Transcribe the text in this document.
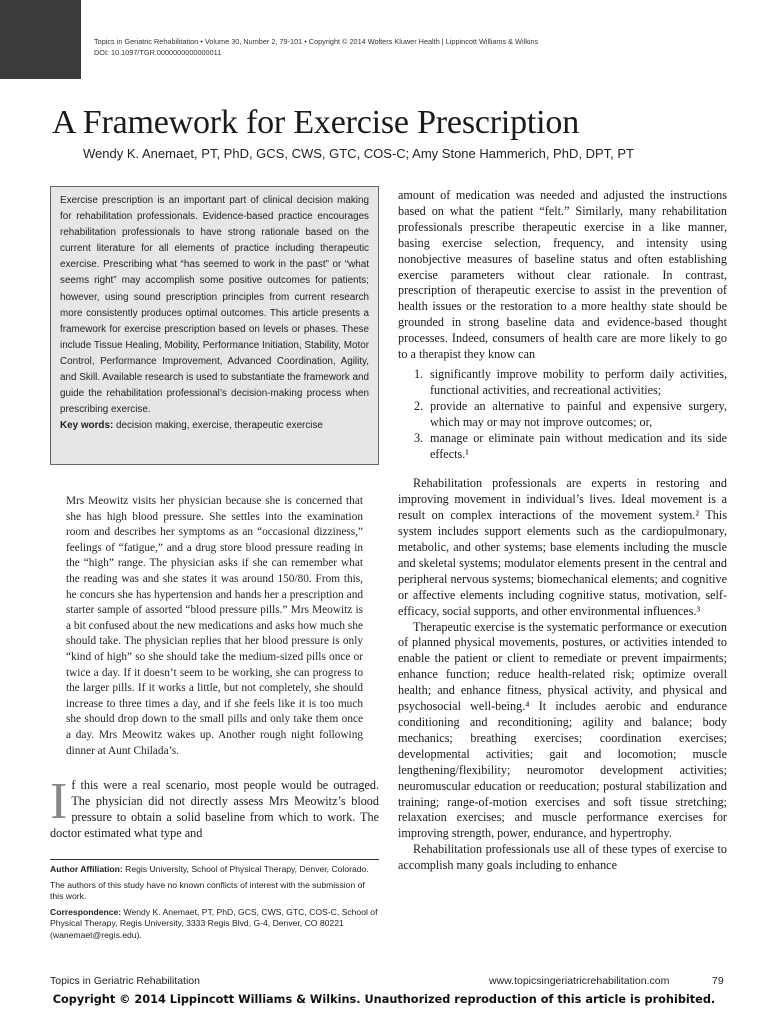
Topics in Geriatric Rehabilitation • Volume 30, Number 2, 79-101 • Copyright © 2014 Wolters Kluwer Health | Lippincott Williams & Wilkins
DOI: 10.1097/TGR.0000000000000011
A Framework for Exercise Prescription
Wendy K. Anemaet, PT, PhD, GCS, CWS, GTC, COS-C; Amy Stone Hammerich, PhD, DPT, PT

Exercise prescription is an important part of clinical decision making for rehabilitation professionals. Evidence-based practice encourages rehabilitation professionals to have strong rationale based on the current literature for all elements of practice including therapeutic exercise. Prescribing what “has seemed to work in the past” or “what seems right” may accomplish some positive outcomes for patients; however, using sound prescription principles from current research more consistently produces optimal outcomes. This article presents a framework for exercise prescription based on levels or phases. These include Tissue Healing, Mobility, Performance Initiation, Stability, Motor Control, Performance Improvement, Advanced Coordination, Agility, and Skill. Available research is used to substantiate the framework and guide the rehabilitation professional’s decision-making process when prescribing exercise.

Key words: decision making, exercise, therapeutic exercise

Mrs Meowitz visits her physician because she is concerned that she has high blood pressure. She settles into the examination room and describes her symptoms as an “occasional dizziness,” feelings of “fatigue,” and a drug store blood pressure reading in the “high” range. The physician asks if she can remember what the reading was and she states it was around 150/80. From this, he concurs she has hypertension and hands her a prescription and starter sample of assorted “blood pressure pills.” Mrs Meowitz is a bit confused about the new medications and asks how much she should take. The physician replies that her blood pressure is only “kind of high” so she should take the medium-sized pills once or twice a day. If it doesn’t seem to be working, she can progress to the larger pills. If it works a little, but not completely, she should increase to three times a day, and if she feels like it is too much she should drop down to the small pills and only take them once a day. Mrs Meowitz wakes up. Another rough night following dinner at Aunt Chilada’s.

I f this were a real scenario, most people would be outraged. The physician did not directly assess Mrs Meowitz’s blood pressure to obtain a solid baseline from which to work. The doctor estimated what type and

Author Affiliation: Regis University, School of Physical Therapy, Denver, Colorado.

The authors of this study have no known conflicts of interest with the submission of this work.

Correspondence: Wendy K. Anemaet, PT, PhD, GCS, CWS, GTC, COS-C, School of Physical Therapy, Regis University, 3333 Regis Blvd, G-4, Denver, CO 80221 (wanemaet@regis.edu).

amount of medication was needed and adjusted the instructions based on what the patient “felt.” Similarly, many rehabilitation professionals prescribe therapeutic exercise in a like manner, basing exercise selection, frequency, and intensity using nonobjective measures of baseline status and often establishing exercise parameters without clear rationale. In contrast, prescription of therapeutic exercise to assist in the prevention of health issues or the restoration to a more healthy state should be grounded in strong baseline data and evidence-based thought processes. Indeed, consumers of health care are more likely to go to a therapist they know can

1. significantly improve mobility to perform daily activities, functional activities, and recreational activities;
2. provide an alternative to painful and expensive surgery, which may or may not improve outcomes; or,
3. manage or eliminate pain without medication and its side effects.¹

Rehabilitation professionals are experts in restoring and improving movement in individual’s lives. Ideal movement is a result on complex interactions of the movement system.² This system includes support elements such as the cardiopulmonary, metabolic, and other systems; base elements including the muscle and skeletal systems; modulator elements present in the central and peripheral nervous systems; biomechanical elements; and cognitive or affective elements including cognitive status, motivation, self-efficacy, social supports, and other environmental influences.³

Therapeutic exercise is the systematic performance or execution of planned physical movements, postures, or activities intended to enable the patient or client to remediate or prevent impairments; enhance function; reduce health-related risk; optimize overall health; and enhance fitness, physical activity, and physical and psychosocial well-being.⁴ It includes aerobic and endurance conditioning and reconditioning; agility and balance; body mechanics; breathing exercises; coordination exercises; developmental activities; gait and locomotion; muscle lengthening/flexibility; neuromotor development activities; neuromuscular education or reeducation; postural stabilization and training; range-of-motion exercises and soft tissue stretching; relaxation exercises; and muscle performance exercises for improving strength, power, endurance, and hypertrophy.

Rehabilitation professionals use all of these types of exercise to accomplish many goals including to enhance

Topics in Geriatric Rehabilitation	www.topicsingeriatricrehabilitation.com	79
Copyright © 2014 Lippincott Williams & Wilkins. Unauthorized reproduction of this article is prohibited.
